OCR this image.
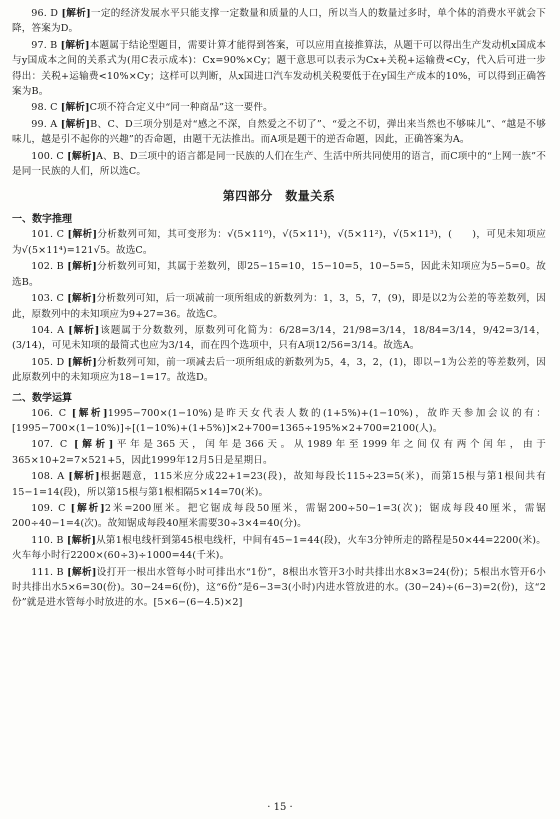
96. D [解析]一定的经济发展水平只能支撑一定数量和质量的人口，所以当人的数量过多时，单个体的消费水平就会下降，答案为D。

97. B [解析]本题属于结论型题目，需要计算才能得到答案，可以应用直接推算法，从题干可以得出生产发动机x国成本与y国成本之间的关系式为(用C表示成本)：Cx=90%×Cy；题干意思可以表示为Cx+关税+运输费<Cy，代入后可进一步得出：关税+运输费<10%×Cy；这样可以判断，从x国进口汽车发动机关税要低于在y国生产成本的10%，可以得到正确答案为B。

98. C [解析]C项不符合定义中“同一种商品”这一要件。

99. A [解析]B、C、D三项分别是对“感之不深，自然爱之不切了”、“爱之不切，弹出来当然也不够味儿”、“越是不够味儿，越是引不起你的兴趣”的否命题，由题干无法推出。而A项是题干的逆否命题，因此，正确答案为A。

100. C [解析]A、B、D三项中的语言都是同一民族的人们在生产、生活中所共同使用的语言，而C项中的“上网一族”不是同一民族的人们，所以选C。

第四部分　数量关系
一、数字推理

101. C [解析]分析数列可知，其可变形为：√(5×11⁰)，√(5×11¹)，√(5×11²)，√(5×11³)，(　　)，可见未知项应为√(5×11⁴)=121√5。故选C。

102. B [解析]分析数列可知，其属于差数列，即25−15=10，15−10=5，10−5=5，因此未知项应为5−5=0。故选B。

103. C [解析]分析数列可知，后一项减前一项所组成的新数列为：1，3，5，7，(9)，即是以2为公差的等差数列，因此，原数列中的未知项应为9+27=36。故选C。

104. A [解析]该题属于分数数列，原数列可化简为：6/28=3/14，21/98=3/14，18/84=3/14，9/42=3/14，(3/14)，可见未知项的最简式也应为3/14，而在四个选项中，只有A项12/56=3/14。故选A。

105. D [解析]分析数列可知，前一项减去后一项所组成的新数列为5，4，3，2，(1)，即以−1为公差的等差数列，因此原数列中的未知项应为18−1=17。故选D。

二、数学运算

106. C [解析]1995−700×(1−10%)是昨天女代表人数的(1+5%)+(1−10%)，故昨天参加会议的有：[1995−700×(1−10%)]÷[(1−10%)+(1+5%)]×2+700=1365÷195%×2+700=2100(人)。

107. C [解析]平年是365天，闰年是366天。从1989年至1999年之间仅有两个闰年，由于365×10+2=7×521+5，因此1999年12月5日是星期日。

108. A [解析]根据题意，115米应分成22+1=23(段)，故知每段长115÷23=5(米)，而第15根与第1根间共有15−1=14(段)，所以第15根与第1根相隔5×14=70(米)。

109. C [解析]2米=200厘米。把它锯成每段50厘米，需锯200÷50−1=3(次)；锯成每段40厘米，需锯200÷40−1=4(次)。故知锯成每段40厘米需要30÷3×4=40(分)。

110. B [解析]从第1根电线杆到第45根电线杆，中间有45−1=44(段)，火车3分钟所走的路程是50×44=2200(米)。火车每小时行2200×(60÷3)÷1000=44(千米)。

111. B [解析]设打开一根出水管每小时可排出水“1份”，8根出水管开3小时共排出水8×3=24(份)；5根出水管开6小时共排出水5×6=30(份)。30−24=6(份)，这“6份”是6−3=3(小时)内进水管放进的水。(30−24)÷(6−3)=2(份)，这“2份”就是进水管每小时放进的水。[5×6−(6−4.5)×2]

· 15 ·
